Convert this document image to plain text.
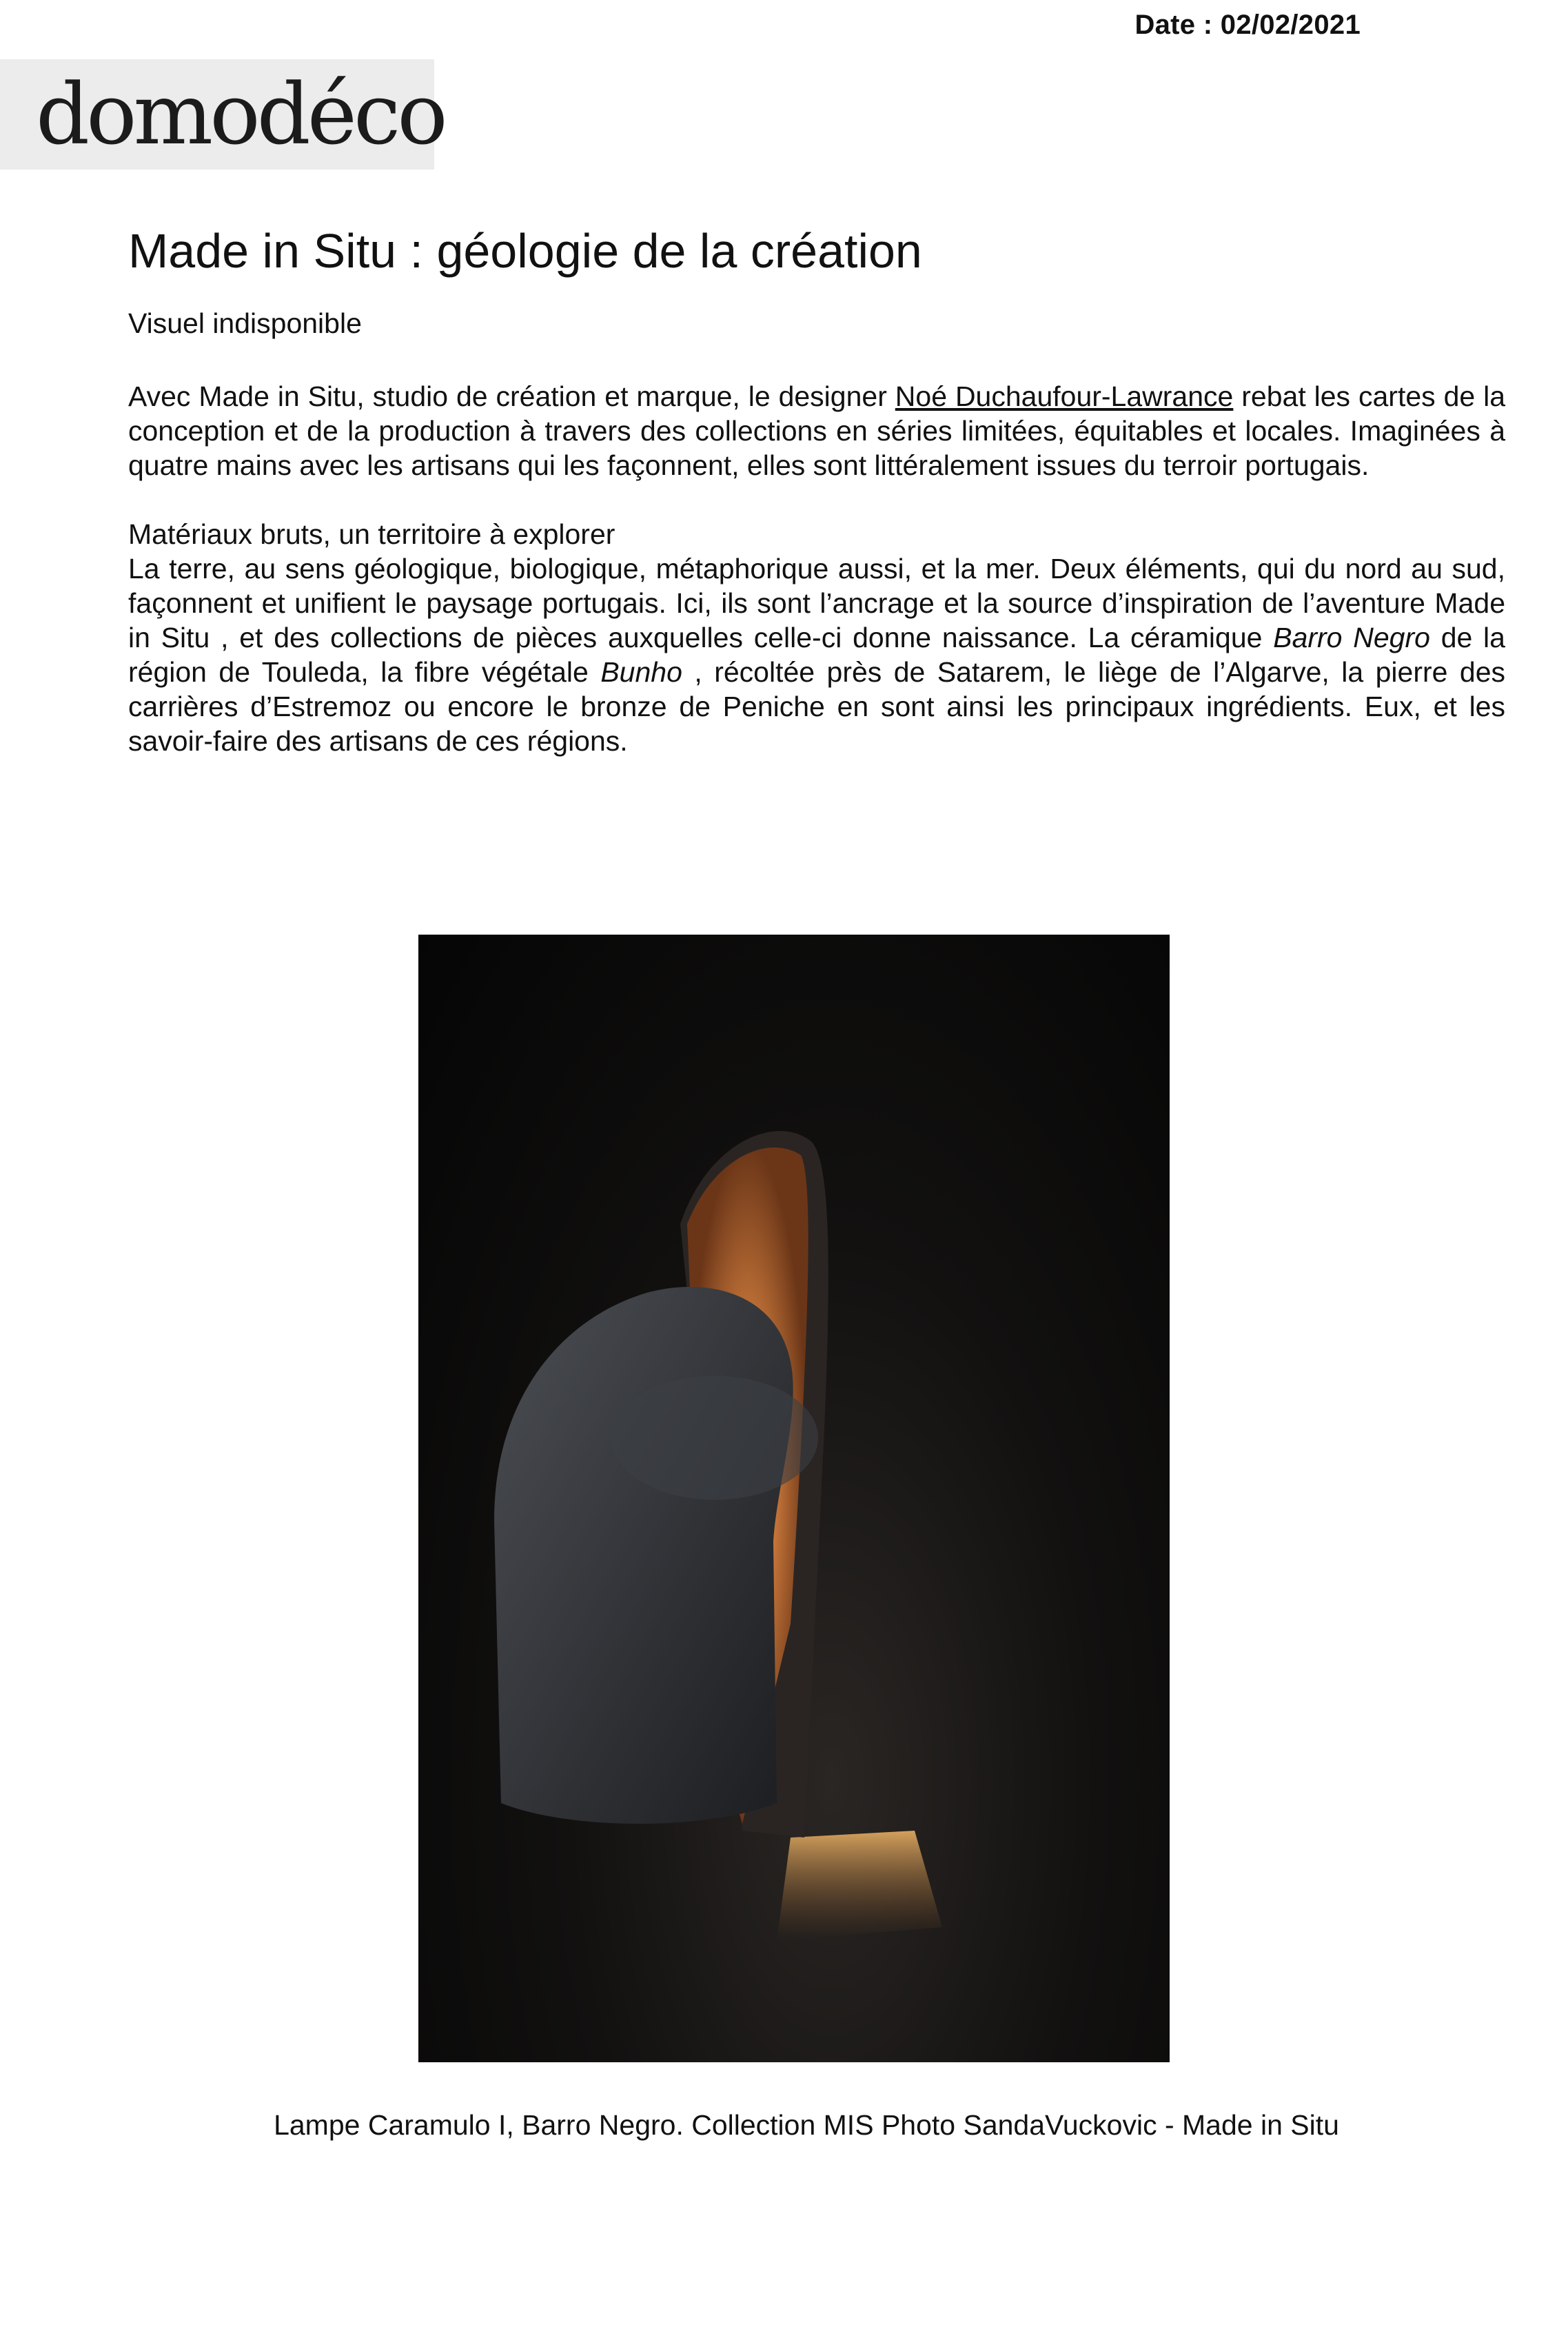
Date : 02/02/2021
domodéco
Made in Situ : géologie de la création
Visuel indisponible

Avec Made in Situ, studio de création et marque, le designer Noé Duchaufour-Lawrance rebat les cartes de la conception et de la production à travers des collections en séries limitées, équitables et locales. Imaginées à quatre mains avec les artisans qui les façonnent, elles sont littéralement issues du terroir portugais.

Matériaux bruts, un territoire à explorer

La terre, au sens géologique, biologique, métaphorique aussi, et la mer. Deux éléments, qui du nord au sud, façonnent et unifient le paysage portugais. Ici, ils sont l’ancrage et la source d’inspiration de l’aventure Made in Situ , et des collections de pièces auxquelles celle-ci donne naissance. La céramique Barro Negro de la région de Touleda, la fibre végétale Bunho , récoltée près de Satarem, le liège de l’Algarve, la pierre des carrières d’Estremoz ou encore le bronze de Peniche en sont ainsi les principaux ingrédients. Eux, et les savoir-faire des artisans de ces régions.

Lampe Caramulo I, Barro Negro. Collection MIS Photo SandaVuckovic - Made in Situ
